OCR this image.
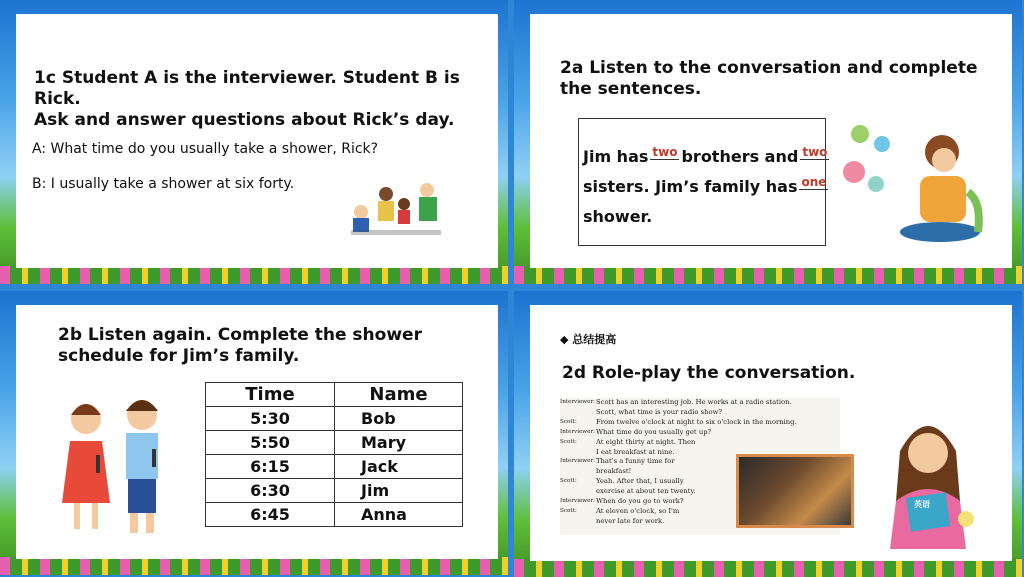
1c Student A is the interviewer. Student B is Rick.
Ask and answer questions about Rick’s day.
A: What time do you usually take a shower, Rick?
B: I usually take a shower at six forty.
2a Listen to the conversation and complete
the sentences.
Jim has two brothers and two
sisters. Jim’s family has one
shower.
2b Listen again. Complete the shower
schedule for Jim’s family.
Time	Name
5:30	Bob
5:50	Mary
6:15	Jack
6:30	Jim
6:45	Anna
◆ 总结提高
2d Role-play the conversation.
Interviewer: Scott has an interesting job. He works at a radio station.
Scott, what time is your radio show?
Scott:	From twelve o'clock at night to six o'clock in the morning.
Interviewer: What time do you usually get up?
Scott:	At eight thirty at night. Then
I eat breakfast at nine.
Interviewer: That's a funny time for
breakfast!
Scott:	Yeah. After that, I usually
exercise at about ten twenty.
Interviewer: When do you go to work?
Scott:	At eleven o'clock, so I'm
never late for work.
英语
